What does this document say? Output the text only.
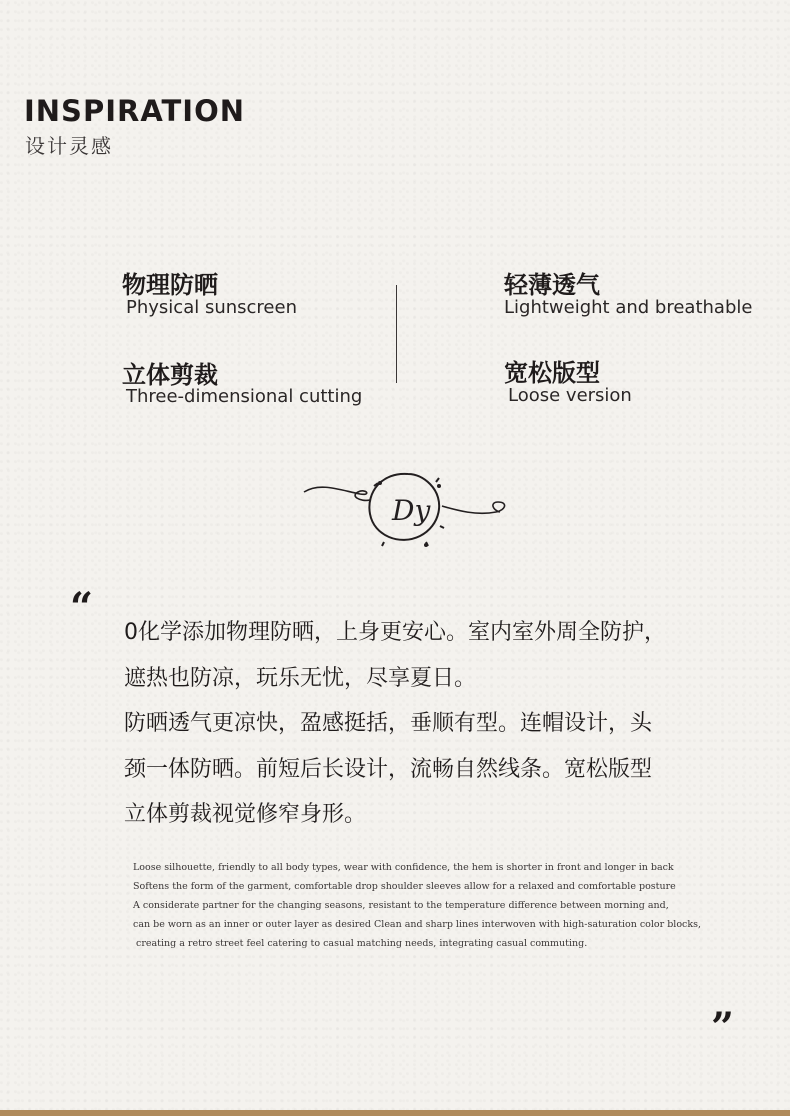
INSPIRATION
设计灵感
物理防晒
Physical sunscreen
轻薄透气
Lightweight and breathable
立体剪裁
Three-dimensional cutting
宽松版型
Loose version
Dy
“
0化学添加物理防晒，上身更安心。室内室外周全防护，
遮热也防凉，玩乐无忧，尽享夏日。
防晒透气更凉快，盈感挺括，垂顺有型。连帽设计，头
颈一体防晒。前短后长设计，流畅自然线条。宽松版型
立体剪裁视觉修窄身形。
Loose silhouette, friendly to all body types, wear with confidence, the hem is shorter in front and longer in back
Softens the form of the garment, comfortable drop shoulder sleeves allow for a relaxed and comfortable posture
A considerate partner for the changing seasons, resistant to the temperature difference between morning and,
can be worn as an inner or outer layer as desired Clean and sharp lines interwoven with high-saturation color blocks,
creating a retro street feel catering to casual matching needs, integrating casual commuting.
”
